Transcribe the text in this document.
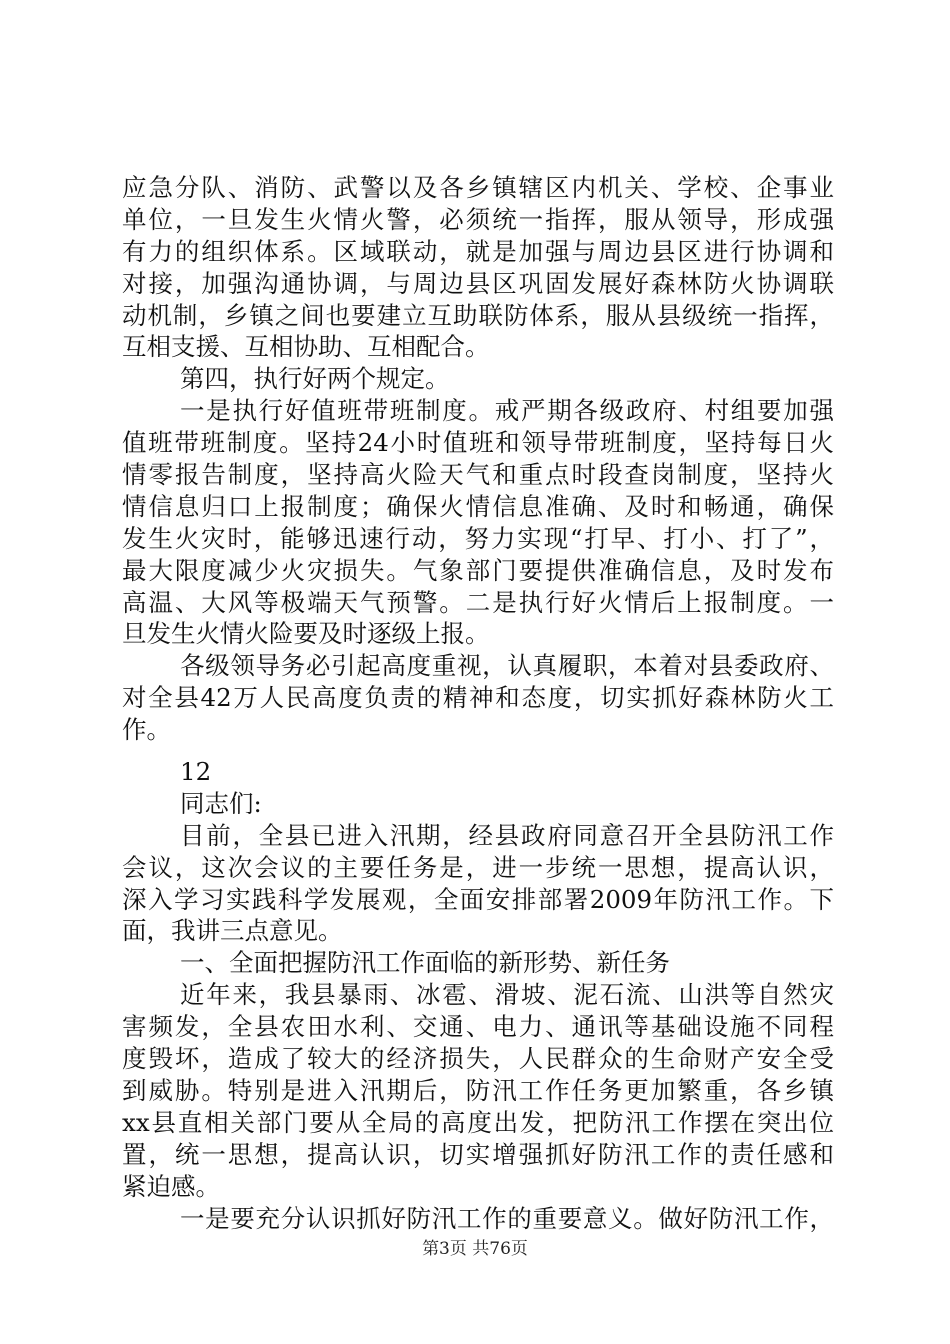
应急分队、消防、武警以及各乡镇辖区内机关、学校、企事业
单位，一旦发生火情火警，必须统一指挥，服从领导，形成强
有力的组织体系。区域联动，就是加强与周边县区进行协调和
对接，加强沟通协调，与周边县区巩固发展好森林防火协调联
动机制，乡镇之间也要建立互助联防体系，服从县级统一指挥，
互相支援、互相协助、互相配合。
第四，执行好两个规定。
一是执行好值班带班制度。戒严期各级政府、村组要加强
值班带班制度。坚持24小时值班和领导带班制度，坚持每日火
情零报告制度，坚持高火险天气和重点时段查岗制度，坚持火
情信息归口上报制度；确保火情信息准确、及时和畅通，确保
发生火灾时，能够迅速行动，努力实现“打早、打小、打了”，
最大限度减少火灾损失。气象部门要提供准确信息，及时发布
高温、大风等极端天气预警。二是执行好火情后上报制度。一
旦发生火情火险要及时逐级上报。
各级领导务必引起高度重视，认真履职，本着对县委政府、
对全县42万人民高度负责的精神和态度，切实抓好森林防火工
作。
12
同志们:
目前，全县已进入汛期，经县政府同意召开全县防汛工作
会议，这次会议的主要任务是，进一步统一思想，提高认识，
深入学习实践科学发展观，全面安排部署2009年防汛工作。下
面，我讲三点意见。
一、全面把握防汛工作面临的新形势、新任务
近年来，我县暴雨、冰雹、滑坡、泥石流、山洪等自然灾
害频发，全县农田水利、交通、电力、通讯等基础设施不同程
度毁坏，造成了较大的经济损失，人民群众的生命财产安全受
到威胁。特别是进入汛期后，防汛工作任务更加繁重，各乡镇
xx县直相关部门要从全局的高度出发，把防汛工作摆在突出位
置，统一思想，提高认识，切实增强抓好防汛工作的责任感和
紧迫感。
一是要充分认识抓好防汛工作的重要意义。做好防汛工作，
第3页 共76页
